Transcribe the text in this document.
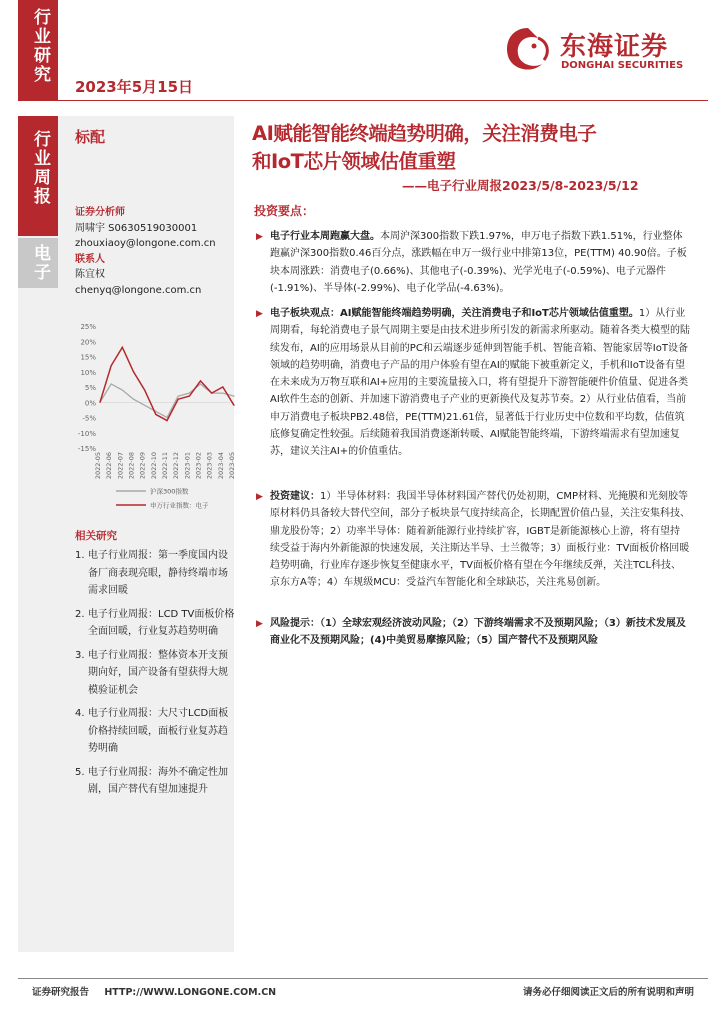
行业研究
2023年5月15日
东海证券
DONGHAI SECURITIES
行业周报
电子
标配
证券分析师
周啸宇 S0630519030001
zhouxiaoy@longone.com.cn
联系人
陈宜权
chenyq@longone.com.cn
25%
20%
15%
10%
5%
0%
-5%
-10%
-15%
2022-05 2022-06 2022-07 2022-08 2022-09 2022-10 2022-11 2022-12 2023-01 2023-02 2023-03 2023-04 2023-05
沪深300指数
申万行业指数：电子
相关研究
1. 电子行业周报：第一季度国内设
备厂商表现亮眼，静待终端市场
需求回暖
2. 电子行业周报：LCD TV面板价格
全面回暖，行业复苏趋势明确
3. 电子行业周报：整体资本开支预
期向好，国产设备有望获得大规
模验证机会
4. 电子行业周报：大尺寸LCD面板
价格持续回暖，面板行业复苏趋
势明确
5. 电子行业周报：海外不确定性加
剧，国产替代有望加速提升
AI赋能智能终端趋势明确，关注消费电子
和IoT芯片领域估值重塑
——电子行业周报2023/5/8-2023/5/12
投资要点：
▶ 电子行业本周跑赢大盘。本周沪深300指数下跌1.97%，申万电子指数下跌1.51%，行业整体跑赢沪深300指数0.46百分点，涨跌幅在申万一级行业中排第13位，PE(TTM) 40.90倍。子板块本周涨跌：消费电子(0.66%)、其他电子(-0.39%)、光学光电子(-0.59%)、电子元器件(-1.91%)、半导体(-2.99%)、电子化学品(-4.63%)。
▶ 电子板块观点：AI赋能智能终端趋势明确，关注消费电子和IoT芯片领域估值重塑。1）从行业周期看，每轮消费电子景气周期主要是由技术进步所引发的新需求所驱动。随着各类大模型的陆续发布，AI的应用场景从目前的PC和云端逐步延伸到智能手机、智能音箱、智能家居等IoT设备领域的趋势明确，消费电子产品的用户体验有望在AI的赋能下被重新定义，手机和IoT设备有望在未来成为万物互联和AI+应用的主要流量接入口，将有望提升下游智能硬件价值量、促进各类AI软件生态的创新、并加速下游消费电子产业的更新换代及复苏节奏。2）从行业估值看，当前申万消费电子板块PB2.48倍，PE(TTM)21.61倍，显著低于行业历史中位数和平均数，估值筑底修复确定性较强。后续随着我国消费逐渐转暖、AI赋能智能终端，下游终端需求有望加速复苏，建议关注AI+的价值重估。
▶ 投资建议：1）半导体材料：我国半导体材料国产替代仍处初期，CMP材料、光掩膜和光刻胶等原材料仍具备较大替代空间，部分子板块景气度持续高企，长期配置价值凸显，关注安集科技、鼎龙股份等；2）功率半导体：随着新能源行业持续扩容，IGBT是新能源核心上游，将有望持续受益于海内外新能源的快速发展，关注斯达半导、士兰微等；3）面板行业：TV面板价格回暖趋势明确，行业库存逐步恢复至健康水平，TV面板价格有望在今年继续反弹，关注TCL科技、京东方A等；4）车规级MCU：受益汽车智能化和全球缺芯，关注兆易创新。
▶ 风险提示：（1）全球宏观经济波动风险；（2）下游终端需求不及预期风险；（3）新技术发展及商业化不及预期风险；(4)中美贸易摩擦风险；（5）国产替代不及预期风险
证券研究报告 HTTP://WWW.LONGONE.COM.CN	请务必仔细阅读正文后的所有说明和声明
